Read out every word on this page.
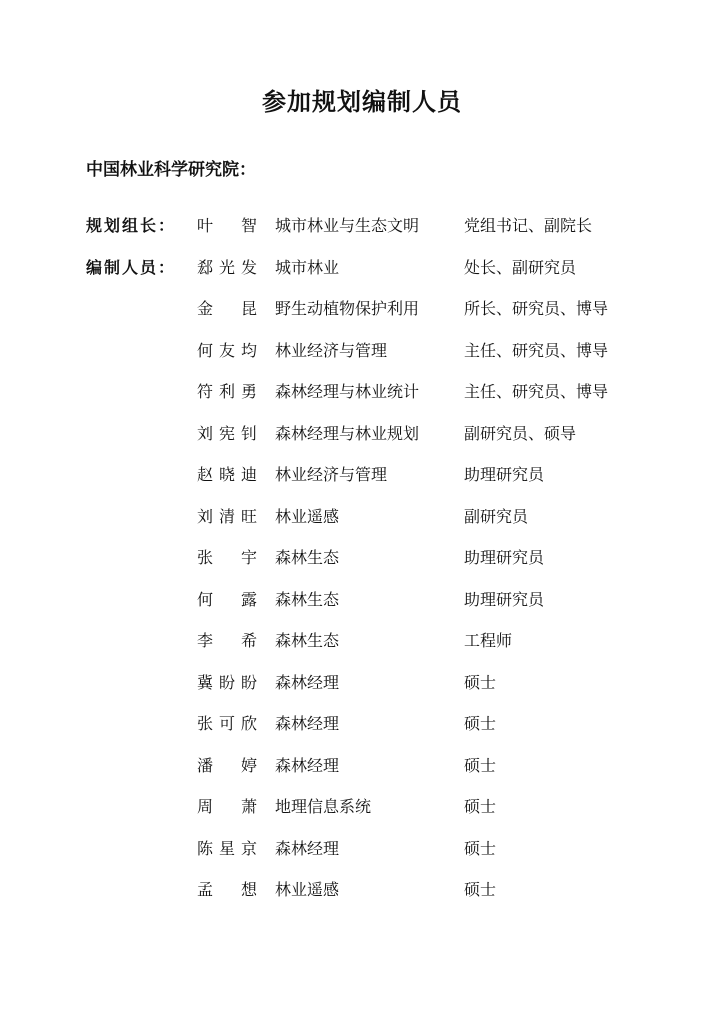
参加规划编制人员
中国林业科学研究院：
规划组长： 叶　智 城市林业与生态文明	党组书记、副院长
编制人员： 郄光发 城市林业	处长、副研究员
金　昆 野生动植物保护利用	所长、研究员、博导
何友均 林业经济与管理	主任、研究员、博导
符利勇 森林经理与林业统计	主任、研究员、博导
刘宪钊 森林经理与林业规划	副研究员、硕导
赵晓迪 林业经济与管理	助理研究员
刘清旺 林业遥感	副研究员
张　宇 森林生态	助理研究员
何　露 森林生态	助理研究员
李　希 森林生态	工程师
冀盼盼 森林经理	硕士
张可欣 森林经理	硕士
潘　婷 森林经理	硕士
周　萧 地理信息系统	硕士
陈星京 森林经理	硕士
孟　想 林业遥感	硕士
